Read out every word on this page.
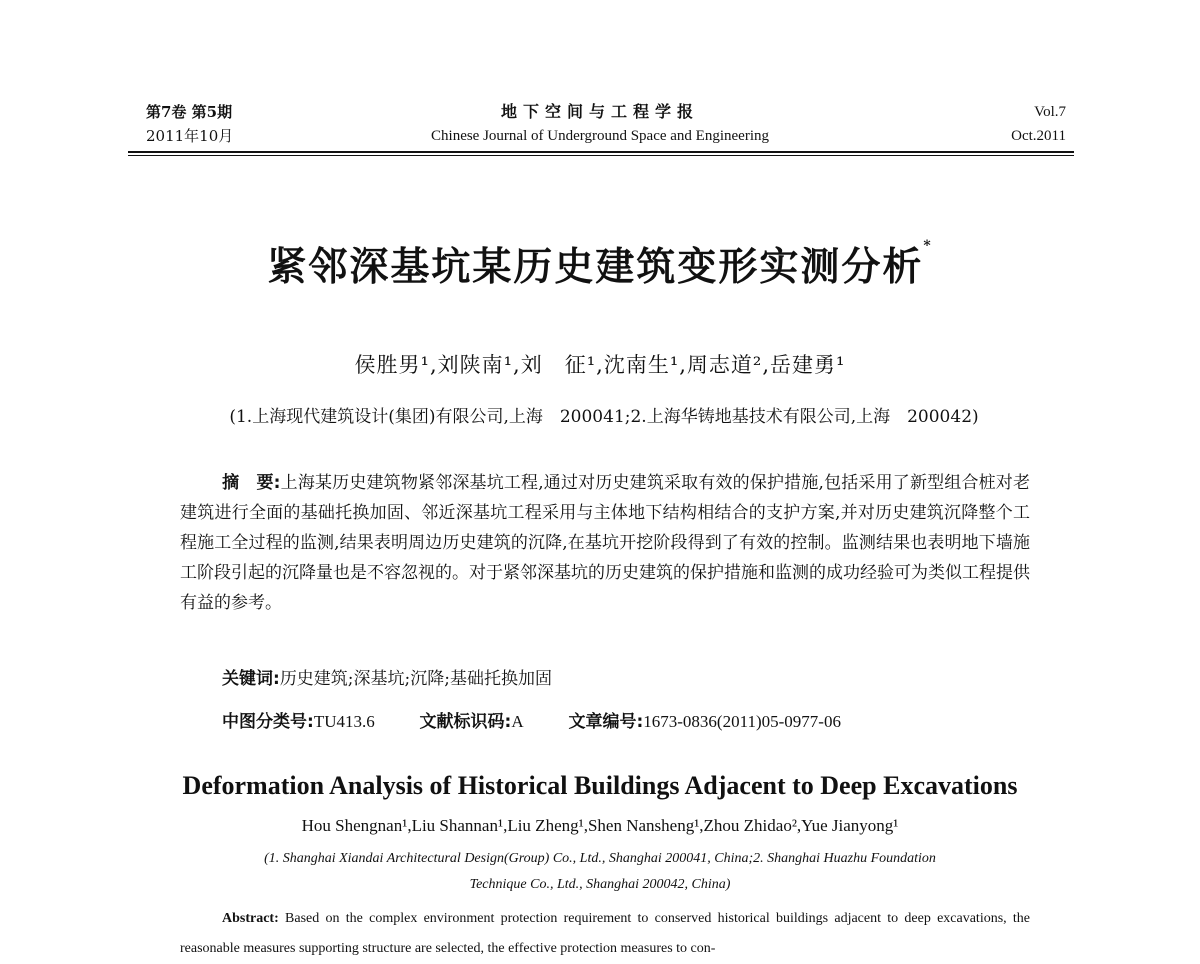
第7卷 第5期
2011年10月
地下空间与工程学报
Chinese Journal of Underground Space and Engineering
Vol.7
Oct.2011
紧邻深基坑某历史建筑变形实测分析*
侯胜男¹,刘陕南¹,刘　征¹,沈南生¹,周志道²,岳建勇¹
(1.上海现代建筑设计(集团)有限公司,上海　200041;2.上海华铸地基技术有限公司,上海　200042)
摘　要:上海某历史建筑物紧邻深基坑工程,通过对历史建筑采取有效的保护措施,包括采用了新型组合桩对老建筑进行全面的基础托换加固、邻近深基坑工程采用与主体地下结构相结合的支护方案,并对历史建筑沉降整个工程施工全过程的监测,结果表明周边历史建筑的沉降,在基坑开挖阶段得到了有效的控制。监测结果也表明地下墙施工阶段引起的沉降量也是不容忽视的。对于紧邻深基坑的历史建筑的保护措施和监测的成功经验可为类似工程提供有益的参考。
关键词:历史建筑;深基坑;沉降;基础托换加固
中图分类号:TU413.6	文献标识码:A	文章编号:1673-0836(2011)05-0977-06
Deformation Analysis of Historical Buildings Adjacent to Deep Excavations
Hou Shengnan¹,Liu Shannan¹,Liu Zheng¹,Shen Nansheng¹,Zhou Zhidao²,Yue Jianyong¹
(1. Shanghai Xiandai Architectural Design(Group) Co., Ltd., Shanghai 200041, China;2. Shanghai Huazhu Foundation
Technique Co., Ltd., Shanghai 200042, China)
Abstract: Based on the complex environment protection requirement to conserved historical buildings adjacent to deep excavations, the reasonable measures supporting structure are selected, the effective protection measures to con-
